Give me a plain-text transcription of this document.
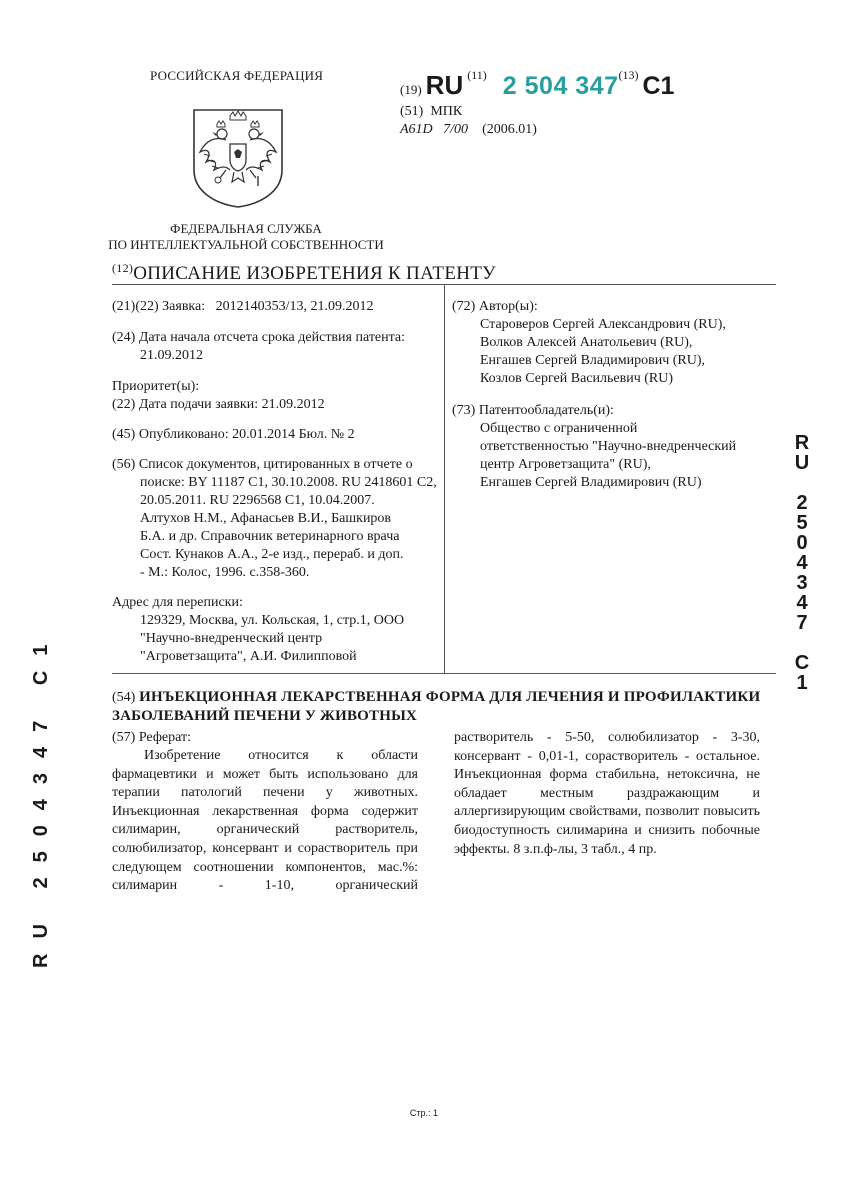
РОССИЙСКАЯ ФЕДЕРАЦИЯ
ФЕДЕРАЛЬНАЯ СЛУЖБА
ПО ИНТЕЛЛЕКТУАЛЬНОЙ СОБСТВЕННОСТИ
(19) RU $^{(11)}$ 2 504 347$^{(13)}$ C1
(51) МПК
A61D 7/00 (2006.01)
$^{(12)}$ОПИСАНИЕ ИЗОБРЕТЕНИЯ К ПАТЕНТУ
(21)(22) Заявка: 2012140353/13, 21.09.2012
(24) Дата начала отсчета срока действия патента:
21.09.2012
Приоритет(ы):
(22) Дата подачи заявки: 21.09.2012
(45) Опубликовано: 20.01.2014 Бюл. № 2
(56) Список документов, цитированных в отчете о
поиске: BY 11187 C1, 30.10.2008. RU 2418601 C2,
20.05.2011. RU 2296568 C1, 10.04.2007.
Алтухов Н.М., Афанасьев В.И., Башкиров
Б.А. и др. Справочник ветеринарного врача
Сост. Кунаков А.А., 2-е изд., перераб. и доп.
- М.: Колос, 1996. с.358-360.
Адрес для переписки:
129329, Москва, ул. Кольская, 1, стр.1, ООО
"Научно-внедренческий центр
"Агроветзащита", А.И. Филипповой
(72) Автор(ы):
Староверов Сергей Александрович (RU),
Волков Алексей Анатольевич (RU),
Енгашев Сергей Владимирович (RU),
Козлов Сергей Васильевич (RU)
(73) Патентообладатель(и):
Общество с ограниченной
ответственностью "Научно-внедренческий
центр Агроветзащита" (RU),
Енгашев Сергей Владимирович (RU)
R
U
2
5
0
4
3
4
7
C
1
RU 2504347 C1	(54) ИНЪЕКЦИОННАЯ ЛЕКАРСТВЕННАЯ ФОРМА ДЛЯ ЛЕЧЕНИЯ И ПРОФИЛАКТИКИ
ЗАБОЛЕВАНИЙ ПЕЧЕНИ У ЖИВОТНЫХ
(57) Реферат:
Изобретение относится к области фармацевтики и может быть использовано для терапии патологий печени у животных. Инъекционная лекарственная форма содержит силимарин, органический растворитель, солюбилизатор, консервант и сорастворитель при следующем соотношении компонентов, мас.%: силимарин - 1-10, органический
растворитель - 5-50, солюбилизатор - 3-30, консервант - 0,01-1, сорастворитель - остальное. Инъекционная форма стабильна, нетоксична, не обладает местным раздражающим и аллергизирующим свойствами, позволит повысить биодоступность силимарина и снизить побочные эффекты. 8 з.п.ф-лы, 3 табл., 4 пр.
Стр.: 1
